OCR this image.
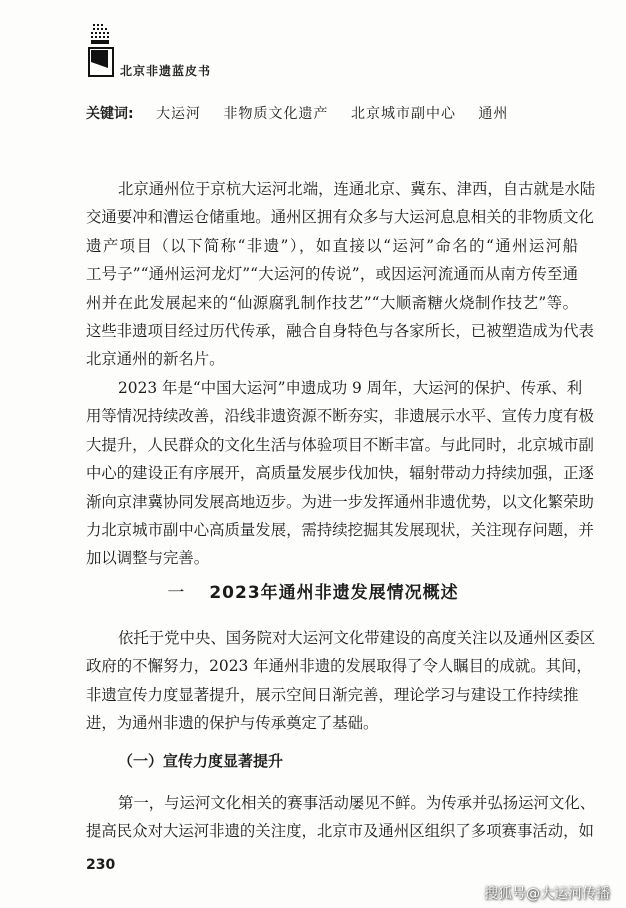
北京非遗蓝皮书
关键词: 大运河 非物质文化遗产 北京城市副中心 通州

北京通州位于京杭大运河北端，连通北京、冀东、津西，自古就是水陆
交通要冲和漕运仓储重地。通州区拥有众多与大运河息息相关的非物质文化
遗产项目（以下简称“非遗”），如直接以“运河”命名的“通州运河船
工号子”“通州运河龙灯”“大运河的传说”，或因运河流通而从南方传至通
州并在此发展起来的“仙源腐乳制作技艺”“大顺斋糖火烧制作技艺”等。
这些非遗项目经过历代传承，融合自身特色与各家所长，已被塑造成为代表
北京通州的新名片。

2023 年是“中国大运河”申遗成功 9 周年，大运河的保护、传承、利
用等情况持续改善，沿线非遗资源不断夯实，非遗展示水平、宣传力度有极
大提升，人民群众的文化生活与体验项目不断丰富。与此同时，北京城市副
中心的建设正有序展开，高质量发展步伐加快，辐射带动力持续加强，正逐
渐向京津冀协同发展高地迈步。为进一步发挥通州非遗优势，以文化繁荣助
力北京城市副中心高质量发展，需持续挖掘其发展现状，关注现存问题，并
加以调整与完善。

一 2023年通州非遗发展情况概述

依托于党中央、国务院对大运河文化带建设的高度关注以及通州区委区
政府的不懈努力，2023 年通州非遗的发展取得了令人瞩目的成就。其间，
非遗宣传力度显著提升，展示空间日渐完善，理论学习与建设工作持续推
进，为通州非遗的保护与传承奠定了基础。

（一）宣传力度显著提升

第一，与运河文化相关的赛事活动屡见不鲜。为传承并弘扬运河文化、
提高民众对大运河非遗的关注度，北京市及通州区组织了多项赛事活动，如

230
搜狐号@大运河传播
